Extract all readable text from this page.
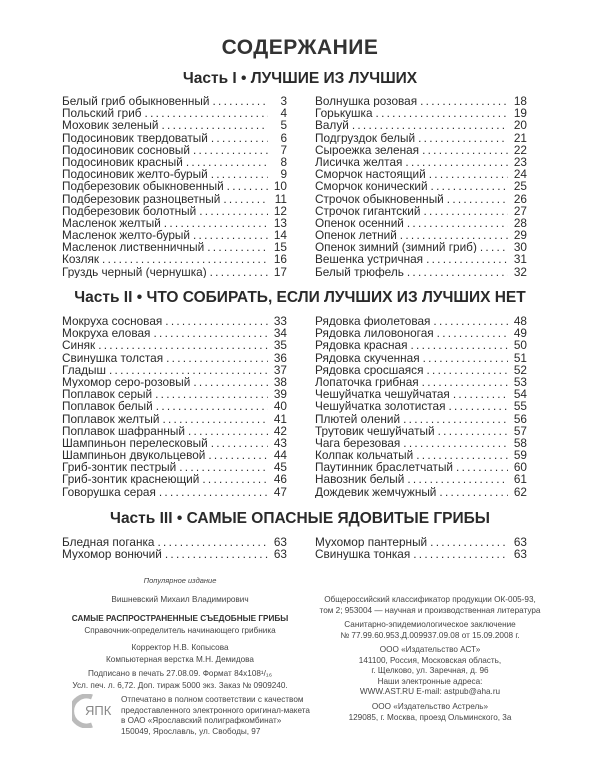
СОДЕРЖАНИЕ
Часть I • ЛУЧШИЕ ИЗ ЛУЧШИХ
Белый гриб обыкновенный . . .	3
Польский гриб . . .	4
Моховик зеленый . . .	5
Подосиновик твердоватый . . .	6
Подосиновик сосновый . . .	7
Подосиновик красный . . .	8
Подосиновик желто-бурый . . .	9
Подберезовик обыкновенный . . .	10
Подберезовик разноцветный . . .	11
Подберезовик болотный . . .	12
Масленок желтый . . .	13
Масленок желто-бурый . . .	14
Масленок лиственничный . . .	15
Козляк . . .	16
Груздь черный (чернушка) . . .	17
Волнушка розовая . . .	18
Горькушка . . .	19
Валуй . . .	20
Подгруздок белый . . .	21
Сыроежка зеленая . . .	22
Лисичка желтая . . .	23
Сморчок настоящий . . .	24
Сморчок конический . . .	25
Строчок обыкновенный . . .	26
Строчок гигантский . . .	27
Опенок осенний . . .	28
Опенок летний . . .	29
Опенок зимний (зимний гриб) . . .	30
Вешенка устричная . . .	31
Белый трюфель . . .	32
Часть II • ЧТО СОБИРАТЬ, ЕСЛИ ЛУЧШИХ ИЗ ЛУЧШИХ НЕТ
Мокруха сосновая . . .	33
Мокруха еловая . . .	34
Синяк . . .	35
Свинушка толстая . . .	36
Гладыш . . .	37
Мухомор серо-розовый . . .	38
Поплавок серый . . .	39
Поплавок белый . . .	40
Поплавок желтый . . .	41
Поплавок шафранный . . .	42
Шампиньон перелесковый . . .	43
Шампиньон двукольцевой . . .	44
Гриб-зонтик пестрый . . .	45
Гриб-зонтик краснеющий . . .	46
Говорушка серая . . .	47
Рядовка фиолетовая . . .	48
Рядовка лиловоногая . . .	49
Рядовка красная . . .	50
Рядовка скученная . . .	51
Рядовка сросшаяся . . .	52
Лопаточка грибная . . .	53
Чешуйчатка чешуйчатая . . .	54
Чешуйчатка золотистая . . .	55
Плютей олений . . .	56
Трутовик чешуйчатый . . .	57
Чага березовая . . .	58
Колпак кольчатый . . .	59
Паутинник браслетчатый . . .	60
Навозник белый . . .	61
Дождевик жемчужный . . .	62
Часть III • САМЫЕ ОПАСНЫЕ ЯДОВИТЫЕ ГРИБЫ
Бледная поганка . . .	63
Мухомор вонючий . . .	63
Мухомор пантерный . . .	63
Свинушка тонкая . . .	63
Популярное издание
Вишневский Михаил Владимирович
САМЫЕ РАСПРОСТРАНЕННЫЕ СЪЕДОБНЫЕ ГРИБЫ
Справочник-определитель начинающего грибника
Корректор Н.В. Копысова
Компьютерная верстка М.Н. Демидова
Подписано в печать 27.08.09. Формат 84x108¹/₁₆
Усл. печ. л. 6,72. Доп. тираж 5000 экз. Заказ № 0909240.
ЯПК
Отпечатано в полном соответствии с качеством
предоставленного электронного оригинал-макета
в ОАО «Ярославский полиграфкомбинат»
150049, Ярославль, ул. Свободы, 97
Общероссийский классификатор продукции ОК-005-93,
том 2; 953004 — научная и производственная литература
Санитарно-эпидемиологическое заключение
№ 77.99.60.953.Д.009937.09.08 от 15.09.2008 г.
ООО «Издательство АСТ»
141100, Россия, Московская область,
г. Щелково, ул. Заречная, д. 96
Наши электронные адреса:
WWW.AST.RU E-mail: astpub@aha.ru
ООО «Издательство Астрель»
129085, г. Москва, проезд Ольминского, 3а
